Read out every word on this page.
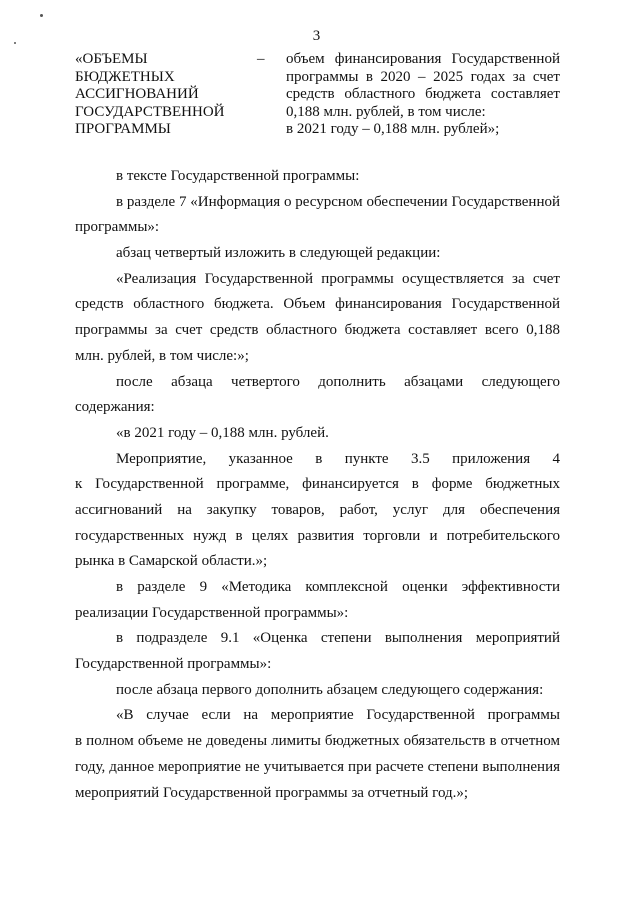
3
«ОБЪЕМЫ
БЮДЖЕТНЫХ
АССИГНОВАНИЙ
ГОСУДАРСТВЕННОЙ
ПРОГРАММЫ
– объем финансирования Государственной
программы в 2020 – 2025 годах за счет
средств областного бюджета составляет
0,188 млн. рублей, в том числе:
в 2021 году – 0,188 млн. рублей»;
в тексте Государственной программы:
в разделе 7 «Информация о ресурсном обеспечении Государственной
программы»:
абзац четвертый изложить в следующей редакции:
«Реализация Государственной программы осуществляется за счет
средств областного бюджета. Объем финансирования Государственной
программы за счет средств областного бюджета составляет всего 0,188
млн. рублей, в том числе:»;
после абзаца четвертого дополнить абзацами следующего
содержания:
«в 2021 году – 0,188 млн. рублей.
Мероприятие, указанное в пункте 3.5 приложения 4
к Государственной программе, финансируется в форме бюджетных
ассигнований на закупку товаров, работ, услуг для обеспечения
государственных нужд в целях развития торговли и потребительского
рынка в Самарской области.»;
в разделе 9 «Методика комплексной оценки эффективности
реализации Государственной программы»:
в подразделе 9.1 «Оценка степени выполнения мероприятий
Государственной программы»:
после абзаца первого дополнить абзацем следующего содержания:
«В случае если на мероприятие Государственной программы
в полном объеме не доведены лимиты бюджетных обязательств в отчетном
году, данное мероприятие не учитывается при расчете степени выполнения
мероприятий Государственной программы за отчетный год.»;
